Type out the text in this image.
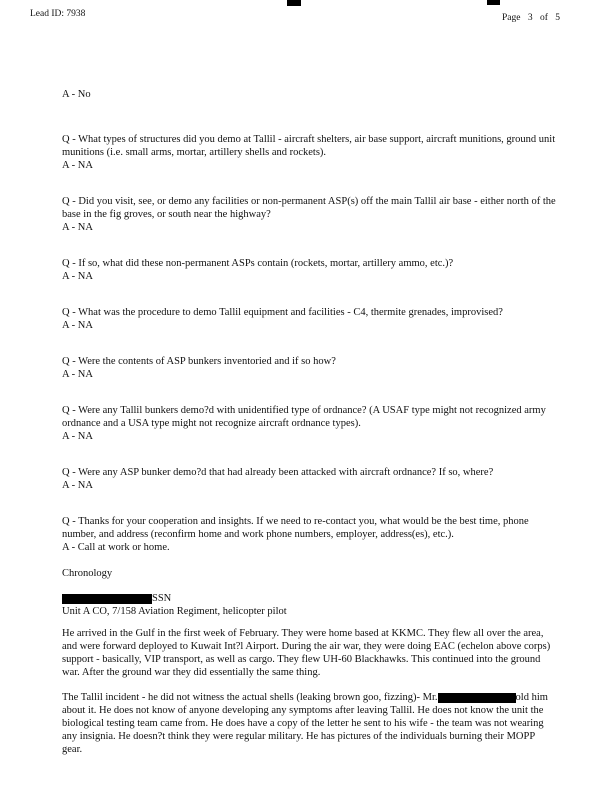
Lead ID: 7938	Page 3 of 5
A - No
Q - What types of structures did you demo at Tallil - aircraft shelters, air base support, aircraft munitions, ground unit munitions (i.e. small arms, mortar, artillery shells and rockets).
A - NA
Q - Did you visit, see, or demo any facilities or non-permanent ASP(s) off the main Tallil air base - either north of the base in the fig groves, or south near the highway?
A - NA
Q - If so, what did these non-permanent ASPs contain (rockets, mortar, artillery ammo, etc.)?
A - NA
Q - What was the procedure to demo Tallil equipment and facilities - C4, thermite grenades, improvised?
A - NA
Q - Were the contents of ASP bunkers inventoried and if so how?
A - NA
Q - Were any Tallil bunkers demo?d with unidentified type of ordnance? (A USAF type might not recognized army ordnance and a USA type might not recognize aircraft ordnance types).
A - NA
Q - Were any ASP bunker demo?d that had already been attacked with aircraft ordnance? If so, where?
A - NA
Q - Thanks for your cooperation and insights. If we need to re-contact you, what would be the best time, phone number, and address (reconfirm home and work phone numbers, employer, address(es), etc.).
A - Call at work or home.
Chronology
SSN
Unit A CO, 7/158 Aviation Regiment, helicopter pilot
He arrived in the Gulf in the first week of February. They were home based at KKMC. They flew all over the area, and were forward deployed to Kuwait Int?l Airport. During the air war, they were doing EAC (echelon above corps) support - basically, VIP transport, as well as cargo. They flew UH-60 Blackhawks. This continued into the ground war. After the ground war they did essentially the same thing.
The Tallil incident - he did not witness the actual shells (leaking brown goo, fizzing)- Mr.	old him about it. He does not know of anyone developing any symptoms after leaving Tallil. He does not know the unit the biological testing team came from. He does have a copy of the letter he sent to his wife - the team was not wearing any insignia. He doesn?t think they were regular military. He has pictures of the individuals burning their MOPP gear.
